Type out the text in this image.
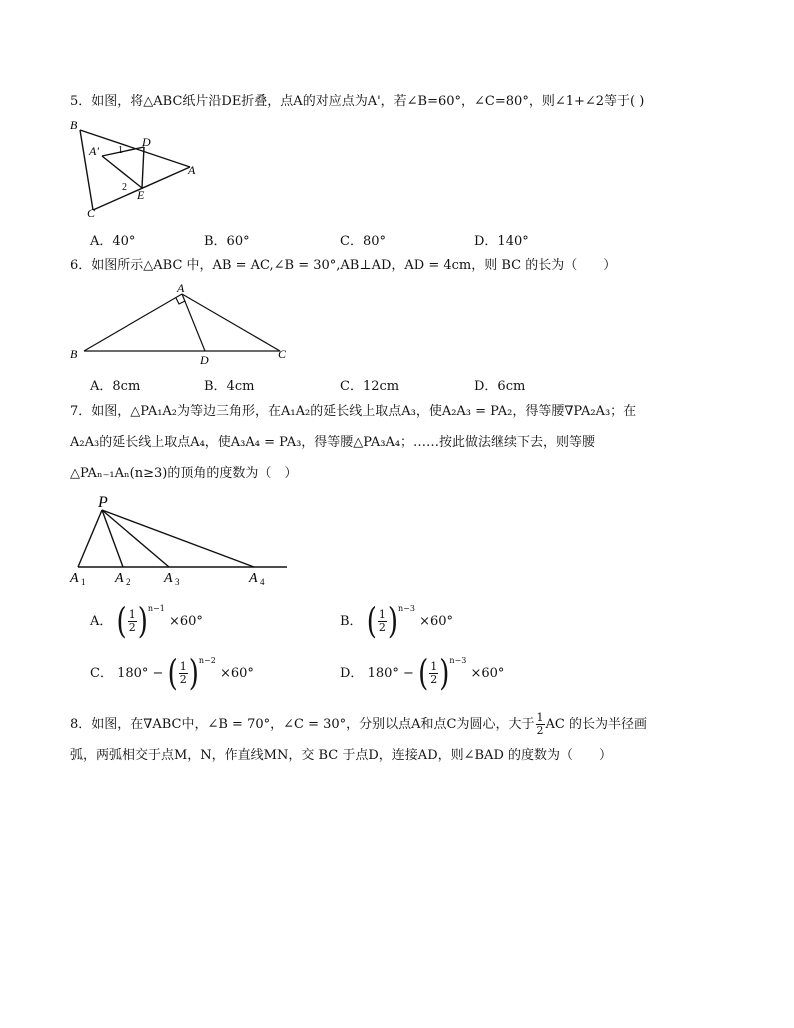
5．如图，将△ABC纸片沿DE折叠，点A的对应点为A'，若∠B=60°，∠C=80°，则∠1+∠2等于( )
B
D
A′ 1
A
2
E
C
A．40°	B．60°	C．80°	D．140°
6．如图所示△ABC 中，AB = AC,∠B = 30°,AB⊥AD，AD = 4cm，则 BC 的长为（　　）
A
B	D	C
A．8cm	B．4cm	C．12cm	D．6cm
7．如图，△PA₁A₂为等边三角形，在A₁A₂的延长线上取点A₃，使A₂A₃ = PA₂，得等腰∇PA₂A₃；在
A₂A₃的延长线上取点A₄，使A₃A₄ = PA₃，得等腰△PA₃A₄；……按此做法继续下去，则等腰
△PAₙ₋₁Aₙ(n≥3)的顶角的度数为（　）
P
A 1 A 2 A 3	A 4
A． ( $\frac{1}{2} )^{n-1} \times 60^\circ$	B． ( $\frac{1}{2} )^{n-3} \times 60^\circ$
C． 180° − ( $\frac{1}{2} )^{n-2} \times 60^\circ$	D． 180° − ( $\frac{1}{2} )^{n-3} \times 60^\circ$
8．如图，在∇ABC中，∠B = 70°，∠C = 30°，分别以点A和点C为圆心，大于 $\frac{1}{2}$ AC 的长为半径画
弧，两弧相交于点M，N，作直线MN，交 BC 于点D，连接AD，则∠BAD 的度数为（　　）
